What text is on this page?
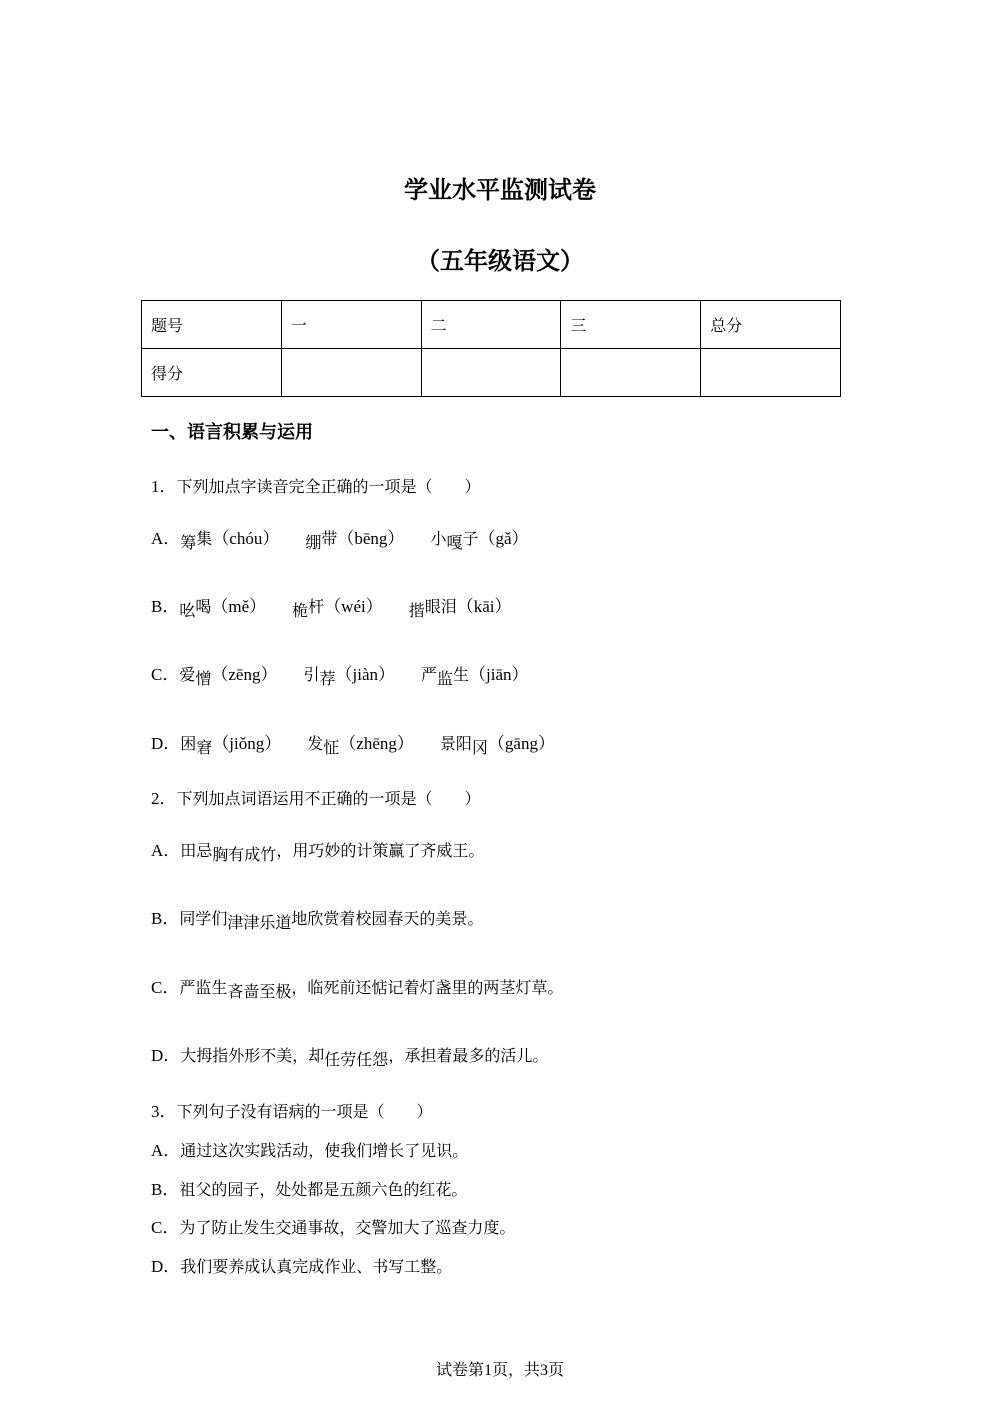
学业水平监测试卷
（五年级语文）
题号	一	二	三	总分
得分				
一、语言积累与运用
1．下列加点字读音完全正确的一项是（　　）
A．筹集（chóu） 绷带（bēng） 小嘎子（gǎ）
B．吆喝（mě） 桅杆（wéi） 揩眼泪（kāi）
C．爱憎（zēng） 引荐（jiàn） 严监生（jiān）
D．困窘（jiǒng） 发怔（zhēng） 景阳冈（gāng）
2．下列加点词语运用不正确的一项是（　　）
A．田忌胸有成竹，用巧妙的计策赢了齐威王。
B．同学们津津乐道地欣赏着校园春天的美景。
C．严监生吝啬至极，临死前还惦记着灯盏里的两茎灯草。
D．大拇指外形不美，却任劳任怨，承担着最多的活儿。
3．下列句子没有语病的一项是（　　）
A．通过这次实践活动，使我们增长了见识。
B．祖父的园子，处处都是五颜六色的红花。
C．为了防止发生交通事故，交警加大了巡查力度。
D．我们要养成认真完成作业、书写工整。
试卷第1页，共3页
